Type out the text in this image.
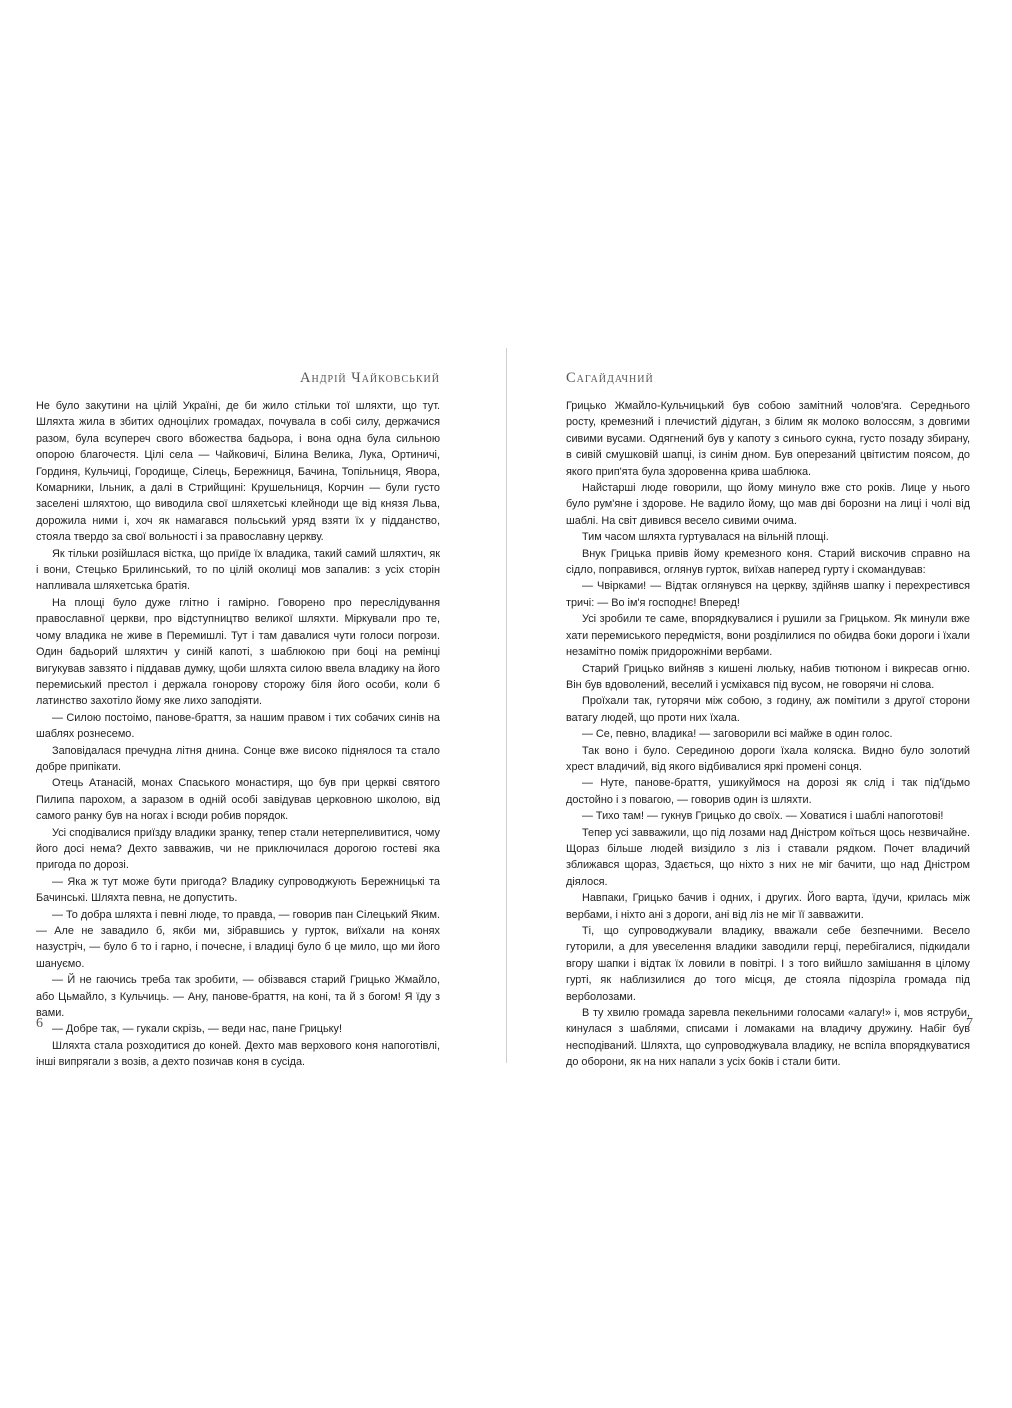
Андрій Чайковський

Не було закутини на цілій Україні, де би жило стільки тої шляхти, що тут. Шляхта жила в збитих одноцілих громадах, почувала в собі силу, держачися разом, була всупереч свого вбожества бадьора, і вона одна була сильною опорою благочестя. Цілі села — Чайковичі, Білина Велика, Лука, Ортиничі, Гординя, Кульчиці, Городище, Сілець, Бережниця, Бачина, Топільниця, Явора, Комарники, Ільник, а далі в Стрийщині: Крушельниця, Корчин — були густо заселені шляхтою, що виводила свої шляхетські клейноди ще від князя Льва, дорожила ними і, хоч як намагався польський уряд взяти їх у підданство, стояла твердо за свої вольності і за православну церкву.

Як тільки розійшлася вістка, що приїде їх владика, такий самий шляхтич, як і вони, Стецько Брилинський, то по цілій околиці мов запалив: з усіх сторін напливала шляхетська братія.

На площі було дуже глітно і гамірно. Говорено про переслідування православної церкви, про відступництво великої шляхти. Міркували про те, чому владика не живе в Перемишлі. Тут і там давалися чути голоси погрози. Один бадьорий шляхтич у синій капоті, з шаблюкою при боці на ремінці вигукував завзято і піддавав думку, щоби шляхта силою ввела владику на його перемиський престол і держала гонорову сторожу біля його особи, коли б латинство захотіло йому яке лихо заподіяти.

— Силою постоімо, панове-браття, за нашим правом і тих собачих синів на шаблях рознесемо.

Заповідалася пречудна літня днина. Сонце вже високо піднялося та стало добре припікати.

Отець Атанасій, монах Спаського монастиря, що був при церкві святого Пилипа парохом, а заразом в одній особі завідував церковною школою, від самого ранку був на ногах і всюди робив порядок.

Усі сподівалися приїзду владики зранку, тепер стали нетерпеливитися, чому його досі нема? Дехто завважив, чи не приключилася дорогою гостеві яка пригода по дорозі.

— Яка ж тут може бути пригода? Владику супроводжують Бережницькі та Бачинські. Шляхта певна, не допустить.

— То добра шляхта і певні люде, то правда, — говорив пан Сілецький Яким. — Але не завадило б, якби ми, зібравшись у гурток, виїхали на конях назустріч, — було б то і гарно, і почесне, і владиці було б це мило, що ми його шануємо.

— Й не гаючись треба так зробити, — обізвався старий Грицько Жмайло, або Цьмайло, з Кульчиць. — Ану, панове-браття, на коні, та й з богом! Я їду з вами.

— Добре так, — гукали скрізь, — веди нас, пане Грицьку!

Шляхта стала розходитися до коней. Дехто мав верхового коня напоготівлі, інші випрягали з возів, а дехто позичав коня в сусіда.

6
Сагайдачний

Грицько Жмайло-Кульчицький був собою замітний чолов'яга. Середнього росту, кремезний і плечистий дідуган, з білим як молоко волоссям, з довгими сивими вусами. Одягнений був у капоту з синього сукна, густо позаду збирану, в сивій смушковій шапці, із синім дном. Був оперезаний цвітистим поясом, до якого прип'ята була здоровенна крива шаблюка.

Найстарші люде говорили, що йому минуло вже сто років. Лице у нього було рум'яне і здорове. Не вадило йому, що мав дві борозни на лиці і чолі від шаблі. На світ дивився весело сивими очима.

Тим часом шляхта гуртувалася на вільній площі.

Внук Грицька привів йому кремезного коня. Старий вискочив справно на сідло, поправився, оглянув гурток, виїхав наперед гурту і скомандував:

— Чвірками! — Відтак оглянувся на церкву, здійняв шапку і перехрестився тричі: — Во ім'я господнє! Вперед!

Усі зробили те саме, впорядкувалися і рушили за Грицьком. Як минули вже хати перемиського передмістя, вони розділилися по обидва боки дороги і їхали незамітно поміж придорожніми вербами.

Старий Грицько вийняв з кишені люльку, набив тютюном і викресав огню. Він був вдоволений, веселий і усміхався під вусом, не говорячи ні слова.

Проїхали так, гуторячи між собою, з годину, аж помітили з другої сторони ватагу людей, що проти них їхала.

— Се, певно, владика! — заговорили всі майже в один голос.

Так воно і було. Серединою дороги їхала коляска. Видно було золотий хрест владичий, від якого відбивалися яркі промені сонця.

— Нуте, панове-браття, ушикуймося на дорозі як слід і так під'їдьмо достойно і з повагою, — говорив один із шляхти.

— Тихо там! — гукнув Грицько до своїх. — Ховатися і шаблі напоготові!

Тепер усі завважили, що під лозами над Дністром коїться щось незвичайне. Щораз більше людей визідило з лiз і ставали рядком. Почет владичий зближався щораз, Здається, що ніхто з них не міг бачити, що над Дністром діялося.

Навпаки, Грицько бачив і одних, і других. Його варта, їдучи, крилась між вербами, і ніхто ані з дороги, ані від лiз не міг її завважити.

Ті, що супроводжували владику, вважали себе безпечними. Весело гуторили, а для увеселення владики заводили герці, перебігалися, підкидали вгору шапки і відтак їх ловили в повітрі. І з того вийшло замішання в цілому гурті, як наблизилися до того місця, де стояла підозріла громада під верболозами.

В ту хвилю громада заревла пекельними голосами «алагу!» і, мов яструби, кинулася з шаблями, списами і ломаками на владичу дружину. Набіг був несподіваний. Шляхта, що супроводжувала владику, не вспіла впорядкуватися до оборони, як на них напали з усіх боків і стали бити.

7
